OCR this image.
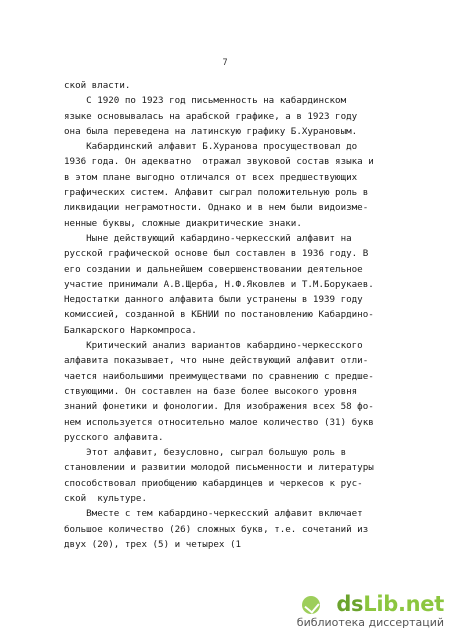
7
ской власти.
С 1920 по 1923 год письменность на кабардинском
языке основывалась на арабской графике, а в 1923 году
она была переведена на латинскую графику Б.Хурановым.
Кабардинский алфавит Б.Хуранова просуществовал до
1936 года. Он адекватно  отражал звуковой состав языка и
в этом плане выгодно отличался от всех предшествующих
графических систем. Алфавит сыграл положительную роль в
ликвидации неграмотности. Однако и в нем были видоизме-
ненные буквы, сложные диакритические знаки.
Ныне действующий кабардино-черкесский алфавит на
русской графической основе был составлен в 1936 году. В
его создании и дальнейшем совершенствовании деятельное
участие принимали А.В.Щерба, Н.Ф.Яковлев и Т.М.Борукаев.
Недостатки данного алфавита были устранены в 1939 году
комиссией, созданной в КБНИИ по постановлению Кабардино-
Балкарского Наркомпроса.
Критический анализ вариантов кабардино-черкесского
алфавита показывает, что ныне действующий алфавит отли-
чается наибольшими преимуществами по сравнению с предше-
ствующими. Он составлен на базе более высокого уровня
знаний фонетики и фонологии. Для изображения всех 58 фо-
нем используется относительно малое количество (31) букв
русского алфавита.
Этот алфавит, безусловно, сыграл большую роль в
становлении и развитии молодой письменности и литературы
способствовал приобщению кабардинцев и черкесов к рус-
ской  культуре.
Вместе с тем кабардино-черкесский алфавит включает
большое количество (26) сложных букв, т.е. сочетаний из
двух (20), трех (5) и четырех (1
dsLib.net
библиотека диссертаций
